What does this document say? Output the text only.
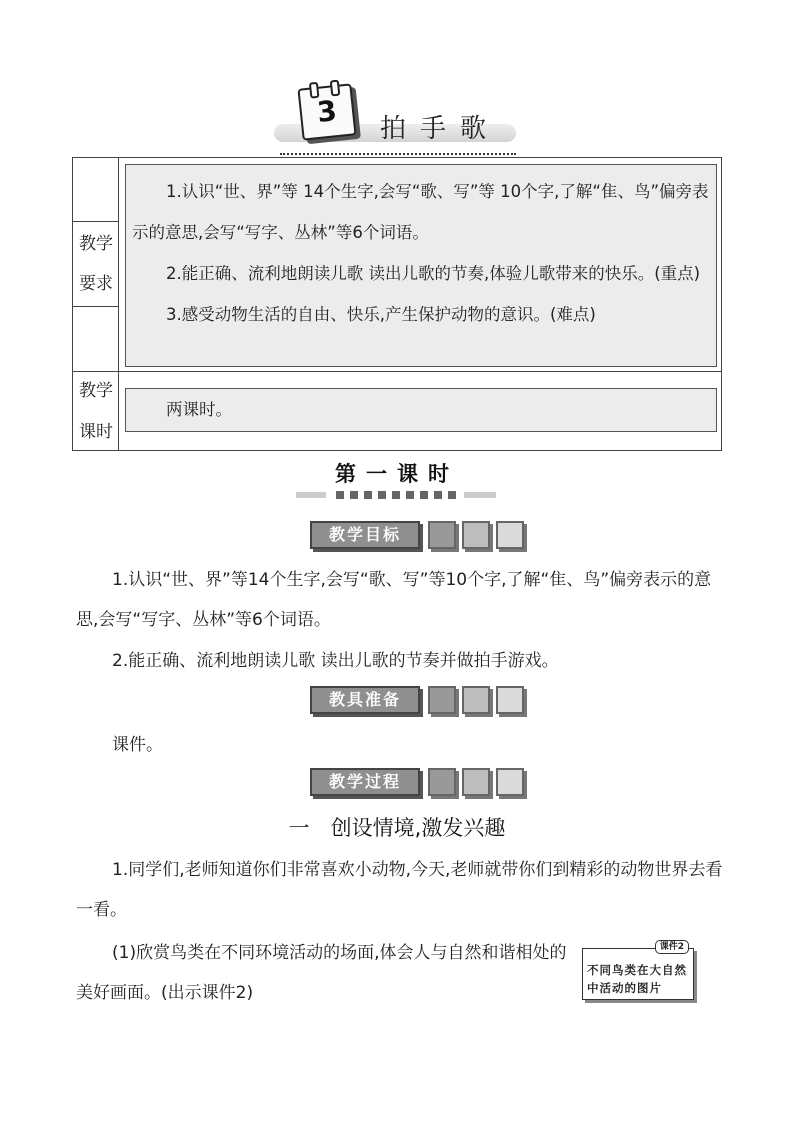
3
拍手歌
教学
要求
教学
课时

1.认识“世、界”等 14个生字,会写“歌、写”等 10个字,了解“隹、鸟”偏旁表示的意思,会写“写字、丛林”等6个词语。

2.能正确、流利地朗读儿歌 读出儿歌的节奏,体验儿歌带来的快乐。(重点)

3.感受动物生活的自由、快乐,产生保护动物的意识。(难点)

两课时。
第一课时
教学目标

1.认识“世、界”等14个生字,会写“歌、写”等10个字,了解“隹、鸟”偏旁表示的意思,会写“写字、丛林”等6个词语。

2.能正确、流利地朗读儿歌 读出儿歌的节奏并做拍手游戏。

教具准备

课件。

教学过程
一　创设情境,激发兴趣

1.同学们,老师知道你们非常喜欢小动物,今天,老师就带你们到精彩的动物世界去看一看。

(1)欣赏鸟类在不同环境活动的场面,体会人与自然和谐相处的美好画面。(出示课件2)

课件2
不同鸟类在大自然中活动的图片
